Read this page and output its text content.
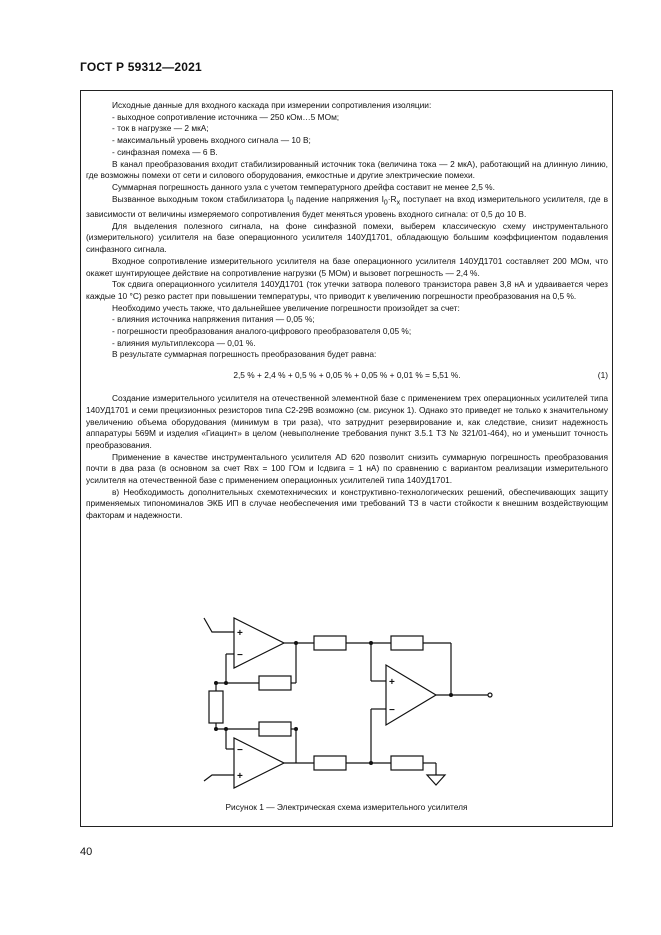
ГОСТ Р 59312—2021

Исходные данные для входного каскада при измерении сопротивления изоляции:

- выходное сопротивление источника — 250 кОм…5 МОм;

- ток в нагрузке — 2 мкА;

- максимальный уровень входного сигнала — 10 В;

- синфазная помеха — 6 В.

В канал преобразования входит стабилизированный источник тока (величина тока — 2 мкА), работающий на длинную линию, где возможны помехи от сети и силового оборудования, емкостные и другие электрические помехи.

Суммарная погрешность данного узла с учетом температурного дрейфа составит не менее 2,5 %.

Вызванное выходным током стабилизатора $I_0$ падение напряжения $I_0\cdot R_x$ поступает на вход измерительного усилителя, где в зависимости от величины измеряемого сопротивления будет меняться уровень входного сигнала: от 0,5 до 10 В.

Для выделения полезного сигнала, на фоне синфазной помехи, выберем классическую схему инструментального (измерительного) усилителя на базе операционного усилителя 140УД1701, обладающую большим коэффициентом подавления синфазного сигнала.

Входное сопротивление измерительного усилителя на базе операционного усилителя 140УД1701 составляет 200 МОм, что окажет шунтирующее действие на сопротивление нагрузки (5 МОм) и вызовет погрешность — 2,4 %.

Ток сдвига операционного усилителя 140УД1701 (ток утечки затвора полевого транзистора равен 3,8 нА и удваивается через каждые 10 °С) резко растет при повышении температуры, что приводит к увеличению погрешности преобразования на 0,5 %.

Необходимо учесть также, что дальнейшее увеличение погрешности произойдет за счет:

- влияния источника напряжения питания — 0,05 %;

- погрешности преобразования аналого-цифрового преобразователя 0,05 %;

- влияния мультиплексора — 0,01 %.

В результате суммарная погрешность преобразования будет равна:

2,5 % + 2,4 % + 0,5 % + 0,05 % + 0,05 % + 0,01 % = 5,51 %.	(1)

Создание измерительного усилителя на отечественной элементной базе с применением трех операционных усилителей типа 140УД1701 и семи прецизионных резисторов типа С2-29В возможно (см. рисунок 1). Однако это приведет не только к значительному увеличению объема оборудования (минимум в три раза), что затруднит резервирование и, как следствие, снизит надежность аппаратуры 569М и изделия «Гиацинт» в целом (невыполнение требования пункт 3.5.1 ТЗ № 321/01-464), но и уменьшит точность преобразования.

Применение в качестве инструментального усилителя AD 620 позволит снизить суммарную погрешность преобразования почти в два раза (в основном за счет Rвх = 100 ГОм и Iсдвига = 1 нА) по сравнению с вариантом реализации измерительного усилителя на отечественной базе с применением операционных усилителей типа 140УД1701.

в) Необходимость дополнительных схемотехнических и конструктивно-технологических решений, обеспечивающих защиту применяемых типономиналов ЭКБ ИП в случае необеспечения ими требований ТЗ в части стойкости к внешним воздействующим факторам и надежности.

+
−
−
+
+
−
Рисунок 1 — Электрическая схема измерительного усилителя
40
